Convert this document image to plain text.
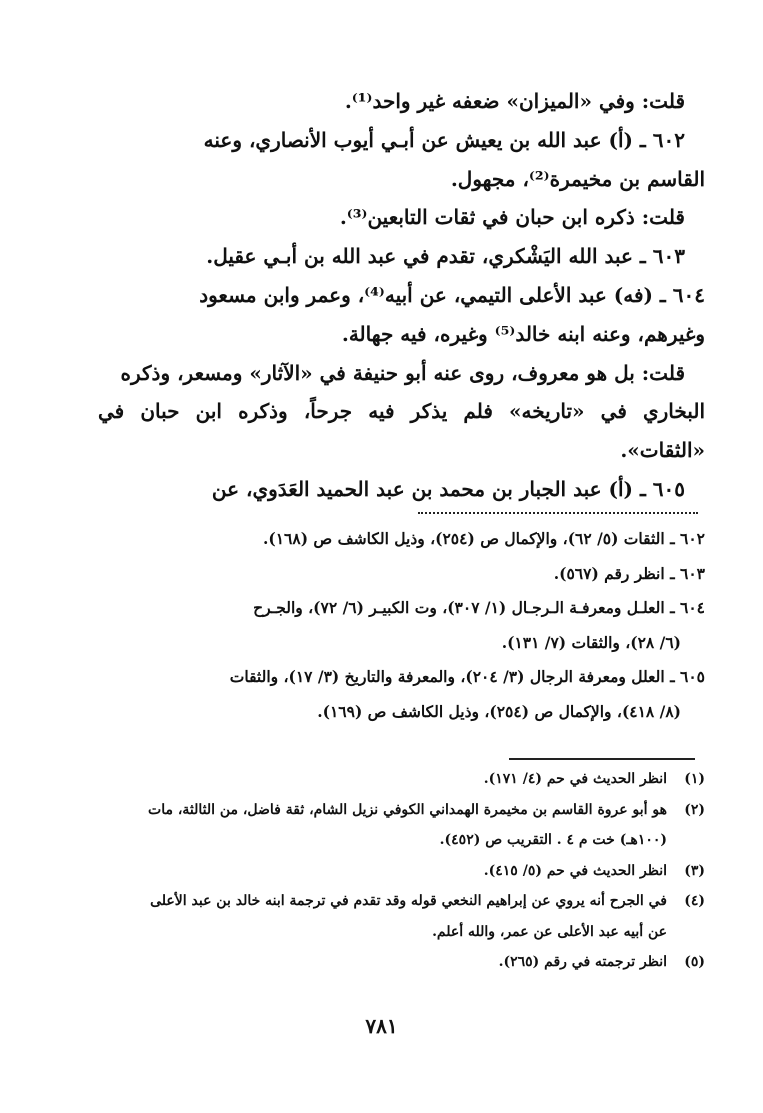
قلت: وفي «الميزان» ضعفه غير واحد⁽¹⁾.

٦٠٢ ـ (أ) عبد الله بن يعيش عن أبـي أيوب الأنصاري، وعنه

القاسم بن مخيمرة⁽²⁾، مجهول.

قلت: ذكره ابن حبان في ثقات التابعين⁽³⁾.

٦٠٣ ـ عبد الله اليَشْكري، تقدم في عبد الله بن أبـي عقيل.

٦٠٤ ـ (فه) عبد الأعلى التيمي، عن أبيه⁽⁴⁾، وعمر وابن مسعود

وغيرهم، وعنه ابنه خالد⁽⁵⁾ وغيره، فيه جهالة.

قلت: بل هو معروف، روى عنه أبو حنيفة في «الآثار» ومسعر، وذكره

البخاري في «تاريخه» فلم يذكر فيه جرحاً، وذكره ابن حبان في «الثقات».

٦٠٥ ـ (أ) عبد الجبار بن محمد بن عبد الحميد العَدَوي، عن

٦٠٢ ـ الثقات (٥/ ٦٢)، والإكمال ص (٢٥٤)، وذيل الكاشف ص (١٦٨).

٦٠٣ ـ انظر رقم (٥٦٧).

٦٠٤ ـ العلـل ومعرفـة الـرجـال (١/ ٣٠٧)، وت الكبيـر (٦/ ٧٢)، والجـرح

(٦/ ٢٨)، والثقات (٧/ ١٣١).

٦٠٥ ـ العلل ومعرفة الرجال (٣/ ٢٠٤)، والمعرفة والتاريخ (٣/ ١٧)، والثقات

(٨/ ٤١٨)، والإكمال ص (٢٥٤)، وذيل الكاشف ص (١٦٩).

(١)
انظر الحديث في حم (٤/ ١٧١).
(٢)
هو أبو عروة القاسم بن مخيمرة الهمداني الكوفي نزيل الشام، ثقة فاضل، من الثالثة، مات
(١٠٠هـ) خت م ٤ . التقريب ص (٤٥٢).
(٣)
انظر الحديث في حم (٥/ ٤١٥).
(٤)
في الجرح أنه يروي عن إبراهيم النخعي قوله وقد تقدم في ترجمة ابنه خالد بن عبد الأعلى
عن أبيه عبد الأعلى عن عمر، والله أعلم.
(٥)
انظر ترجمته في رقم (٢٦٥).
٧٨١
